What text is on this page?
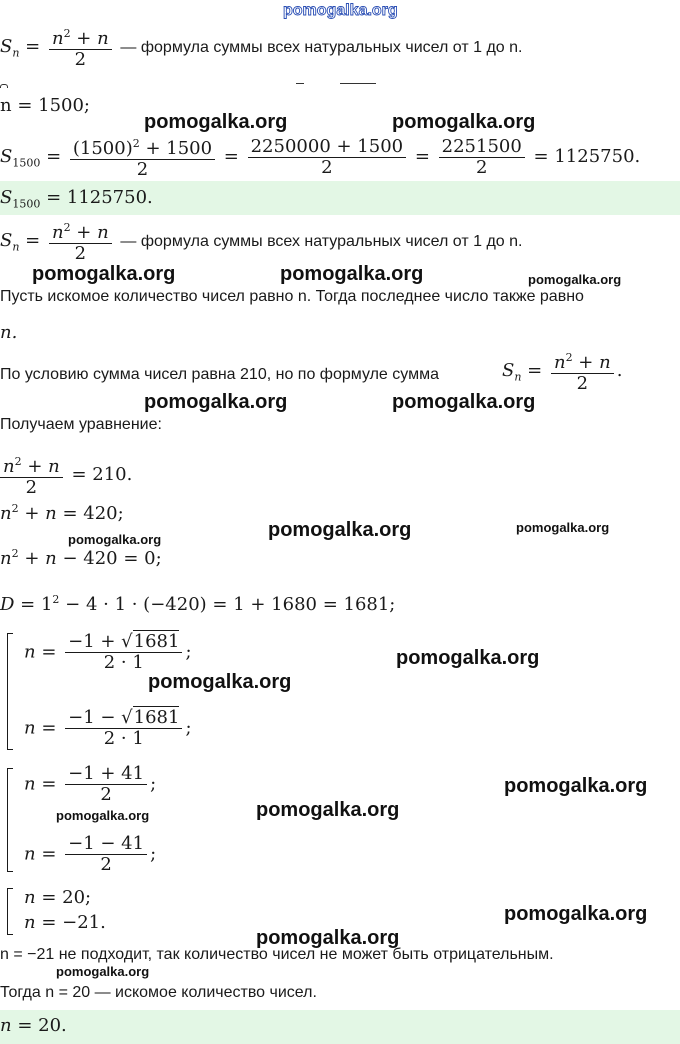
pomogalka.org
$S_n = \frac{n^2 + n}{2}$ — формула суммы всех натуральных чисел от 1 до n.
n = 1500;
$S_{1500} = \frac{(1500)^2 + 1500}{2} = \frac{2250000 + 1500}{2} = \frac{2251500}{2} = 1125750$.
$S_{1500} = 1125750$.
$S_n = \frac{n^2 + n}{2}$ — формула суммы всех натуральных чисел от 1 до n.
Пусть искомое количество чисел равно n. Тогда последнее число также равно
n.
По условию сумма чисел равна 210, но по формуле сумма	$S_n = \frac{n^2 + n}{2}$ .
Получаем уравнение:
$\frac{n^2 + n}{2} = 210$.
$n^2 + n = 420$;
$n^2 + n - 420 = 0$;
$D = 1^2 - 4 \cdot 1 \cdot (-420) = 1 + 1680 = 1681$;
$n = \frac{-1 + √1681}{2 \cdot 1}$ ;
$n = \frac{-1 - √1681}{2 \cdot 1}$ ;
$n = \frac{-1 + 41}{2}$ ;
$n = \frac{-1 - 41}{2}$ ;
n = 20;
n = −21.
n = −21 не подходит, так количество чисел не может быть отрицательным.
Тогда n = 20 — искомое количество чисел.
n = 20.
pomogalka.org	pomogalka.org
pomogalka.org	pomogalka.org	pomogalka.org
pomogalka.org	pomogalka.org
pomogalka.org	pomogalka.org
pomogalka.org
pomogalka.org
pomogalka.org
pomogalka.org
pomogalka.org
pomogalka.org
pomogalka.org
pomogalka.org
pomogalka.org
